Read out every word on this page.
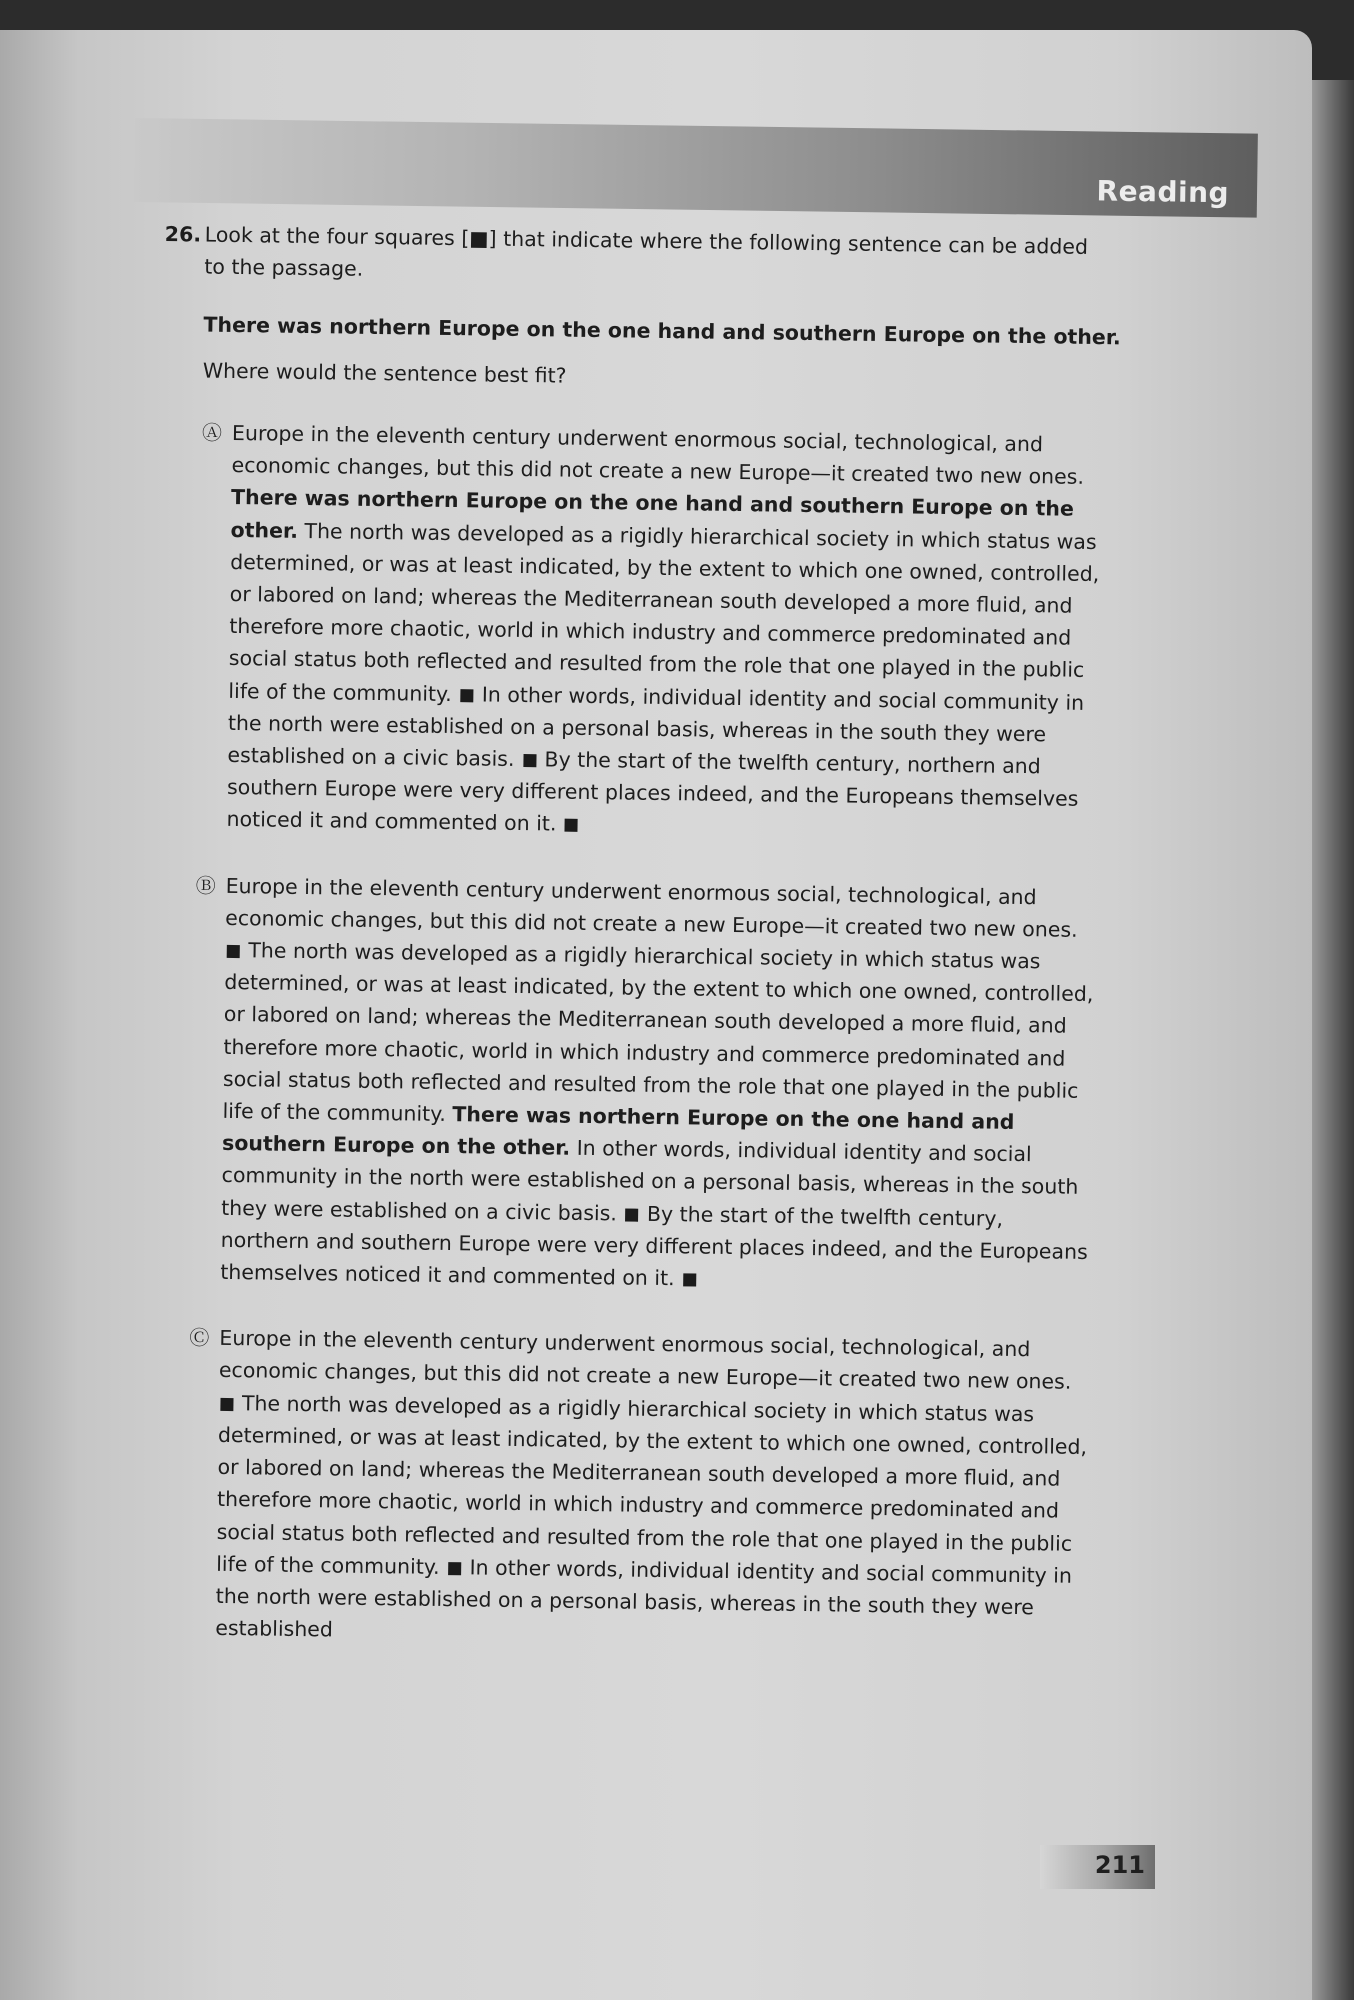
Reading
26. Look at the four squares [■] that indicate where the following sentence can be added to the passage.
There was northern Europe on the one hand and southern Europe on the other.
Where would the sentence best fit?
Ⓐ Europe in the eleventh century underwent enormous social, technological, and economic changes, but this did not create a new Europe—it created two new ones. There was northern Europe on the one hand and southern Europe on the other. The north was developed as a rigidly hierarchical society in which status was determined, or was at least indicated, by the extent to which one owned, controlled, or labored on land; whereas the Mediterranean south developed a more fluid, and therefore more chaotic, world in which industry and commerce predominated and social status both reflected and resulted from the role that one played in the public life of the community.  In other words, individual identity and social community in the north were established on a personal basis, whereas in the south they were established on a civic basis.  By the start of the twelfth century, northern and southern Europe were very different places indeed, and the Europeans themselves noticed it and commented on it.
Ⓑ Europe in the eleventh century underwent enormous social, technological, and economic changes, but this did not create a new Europe—it created two new ones.  The north was developed as a rigidly hierarchical society in which status was determined, or was at least indicated, by the extent to which one owned, controlled, or labored on land; whereas the Mediterranean south developed a more fluid, and therefore more chaotic, world in which industry and commerce predominated and social status both reflected and resulted from the role that one played in the public life of the community. There was northern Europe on the one hand and southern Europe on the other. In other words, individual identity and social community in the north were established on a personal basis, whereas in the south they were established on a civic basis.  By the start of the twelfth century, northern and southern Europe were very different places indeed, and the Europeans themselves noticed it and commented on it.
Ⓒ Europe in the eleventh century underwent enormous social, technological, and economic changes, but this did not create a new Europe—it created two new ones.  The north was developed as a rigidly hierarchical society in which status was determined, or was at least indicated, by the extent to which one owned, controlled, or labored on land; whereas the Mediterranean south developed a more fluid, and therefore more chaotic, world in which industry and commerce predominated and social status both reflected and resulted from the role that one played in the public life of the community.  In other words, individual identity and social community in the north were established on a personal basis, whereas in the south they were established
211
